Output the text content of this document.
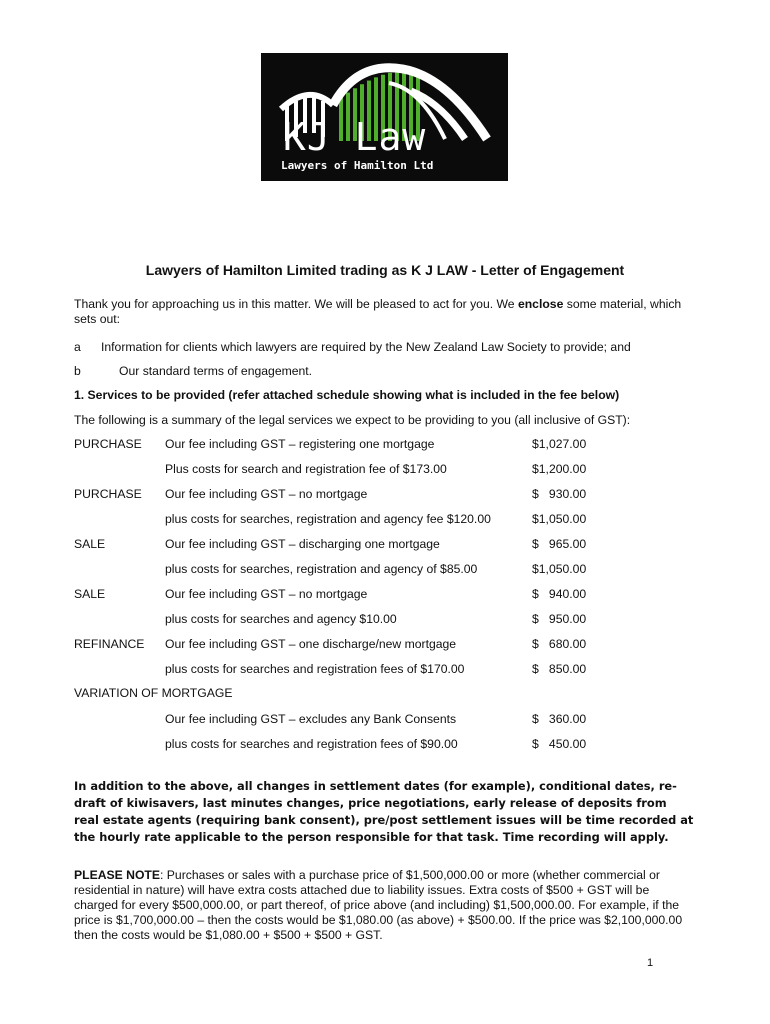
KJ Law
Lawyers of Hamilton Ltd
Lawyers of Hamilton Limited trading as K J LAW - Letter of Engagement
Thank you for approaching us in this matter. We will be pleased to act for you. We enclose some material, which sets out:
a Information for clients which lawyers are required by the New Zealand Law Society to provide; and
b	Our standard terms of engagement.
1. Services to be provided (refer attached schedule showing what is included in the fee below)
The following is a summary of the legal services we expect to be providing to you (all inclusive of GST):
PURCHASE Our fee including GST – registering one mortgage	$1,027.00
Plus costs for search and registration fee of $173.00	$1,200.00
PURCHASE Our fee including GST – no mortgage	$   930.00
plus costs for searches, registration and agency fee $120.00	$1,050.00
SALE	Our fee including GST – discharging one mortgage	$   965.00
plus costs for searches, registration and agency of $85.00	$1,050.00
SALE	Our fee including GST – no mortgage	$   940.00
plus costs for searches and agency $10.00	$   950.00
REFINANCE Our fee including GST – one discharge/new mortgage	$   680.00
plus costs for searches and registration fees of $170.00	$   850.00
VARIATION OF MORTGAGE
Our fee including GST – excludes any Bank Consents	$   360.00
plus costs for searches and registration fees of $90.00	$   450.00
In addition to the above, all changes in settlement dates (for example), conditional dates, re-draft of kiwisavers, last minutes changes, price negotiations, early release of deposits from real estate agents (requiring bank consent), pre/post settlement issues will be time recorded at the hourly rate applicable to the person responsible for that task. Time recording will apply.
PLEASE NOTE: Purchases or sales with a purchase price of $1,500,000.00 or more (whether commercial or residential in nature) will have extra costs attached due to liability issues. Extra costs of $500 + GST will be charged for every $500,000.00, or part thereof, of price above (and including) $1,500,000.00. For example, if the price is $1,700,000.00 – then the costs would be $1,080.00 (as above) + $500.00. If the price was $2,100,000.00 then the costs would be $1,080.00 + $500 + $500 + GST.
1
